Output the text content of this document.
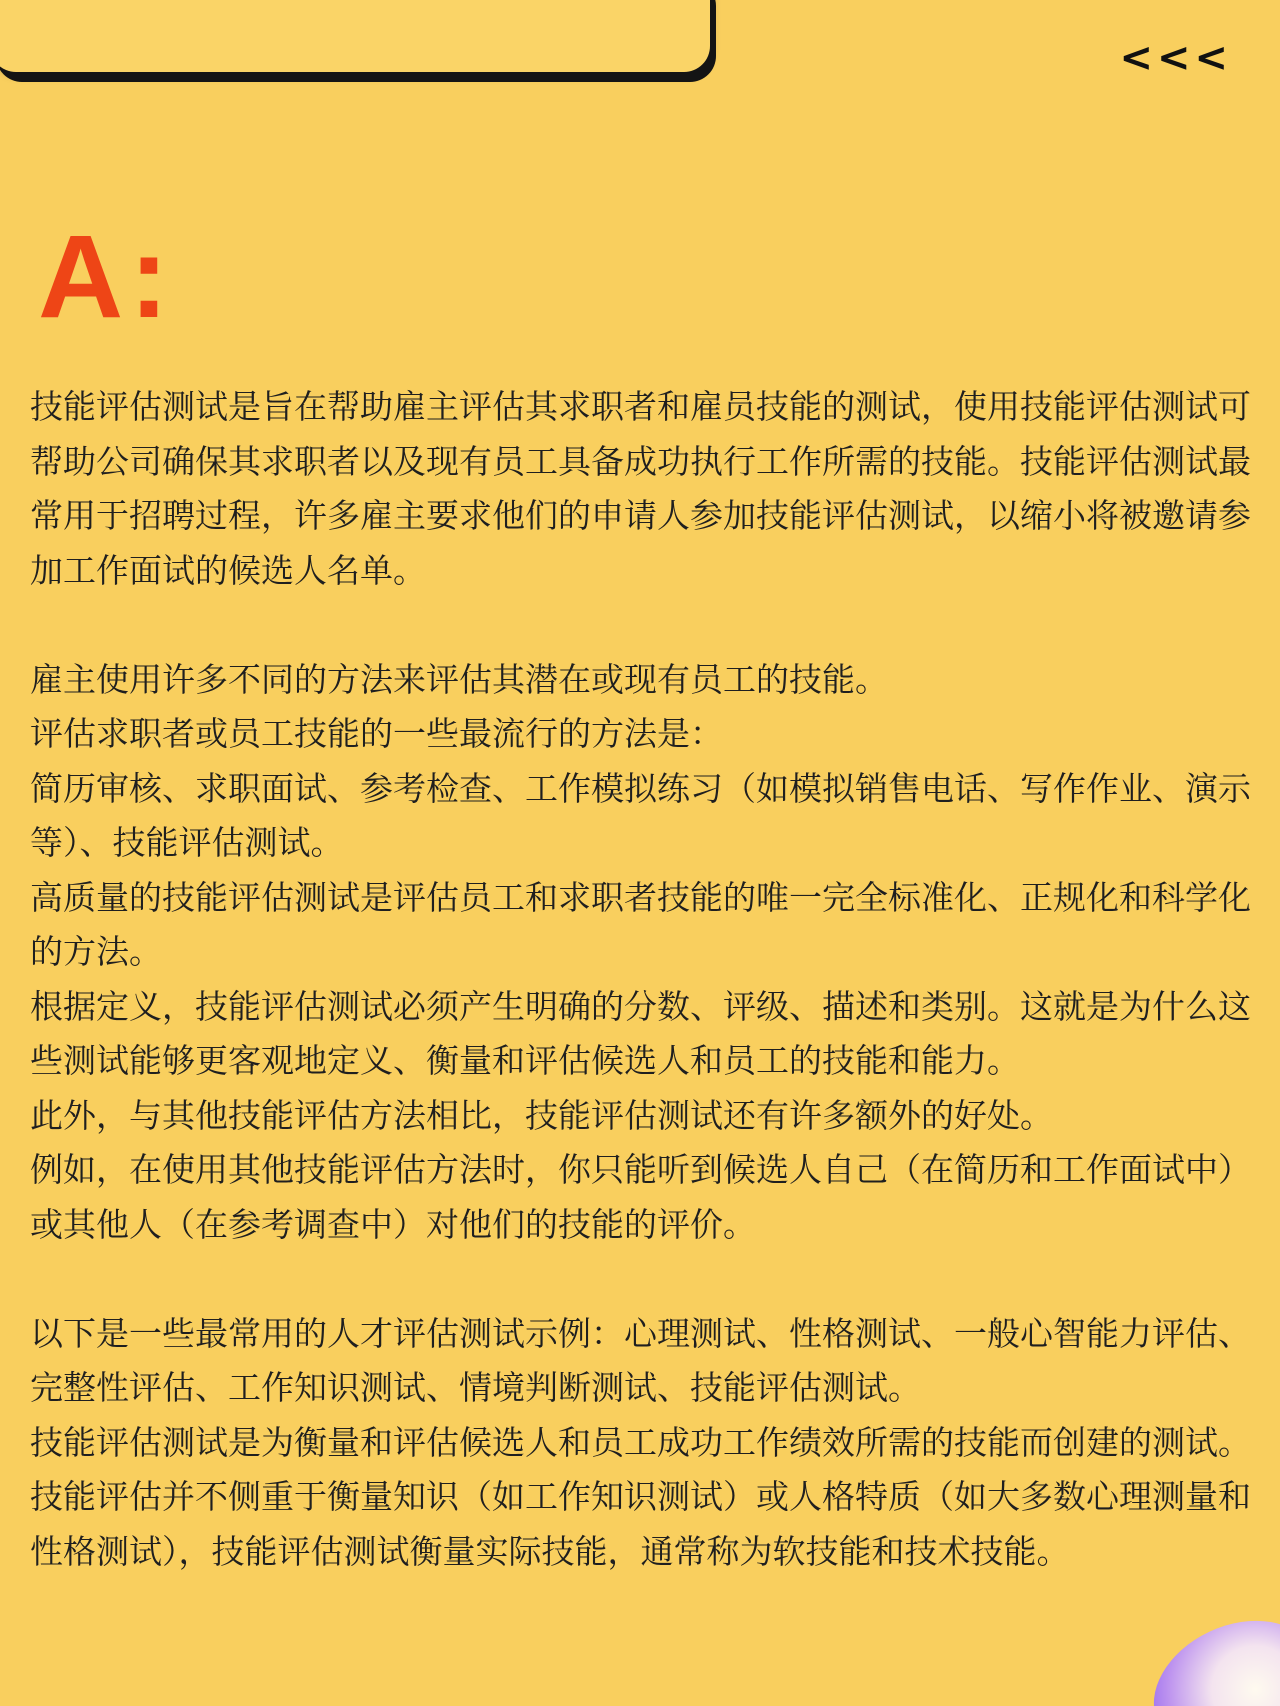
<<<
A:

技能评估测试是旨在帮助雇主评估其求职者和雇员技能的测试，使用技能评估测试可帮助公司确保其求职者以及现有员工具备成功执行工作所需的技能。技能评估测试最常用于招聘过程，许多雇主要求他们的申请人参加技能评估测试，以缩小将被邀请参加工作面试的候选人名单。

雇主使用许多不同的方法来评估其潜在或现有员工的技能。

评估求职者或员工技能的一些最流行的方法是：

简历审核、求职面试、参考检查、工作模拟练习（如模拟销售电话、写作作业、演示等）、技能评估测试。

高质量的技能评估测试是评估员工和求职者技能的唯一完全标准化、正规化和科学化的方法。

根据定义，技能评估测试必须产生明确的分数、评级、描述和类别。这就是为什么这些测试能够更客观地定义、衡量和评估候选人和员工的技能和能力。

此外，与其他技能评估方法相比，技能评估测试还有许多额外的好处。

例如，在使用其他技能评估方法时，你只能听到候选人自己（在简历和工作面试中）或其他人（在参考调查中）对他们的技能的评价。

以下是一些最常用的人才评估测试示例：心理测试、性格测试、一般心智能力评估、完整性评估、工作知识测试、情境判断测试、技能评估测试。

技能评估测试是为衡量和评估候选人和员工成功工作绩效所需的技能而创建的测试。技能评估并不侧重于衡量知识（如工作知识测试）或人格特质（如大多数心理测量和性格测试），技能评估测试衡量实际技能，通常称为软技能和技术技能。
